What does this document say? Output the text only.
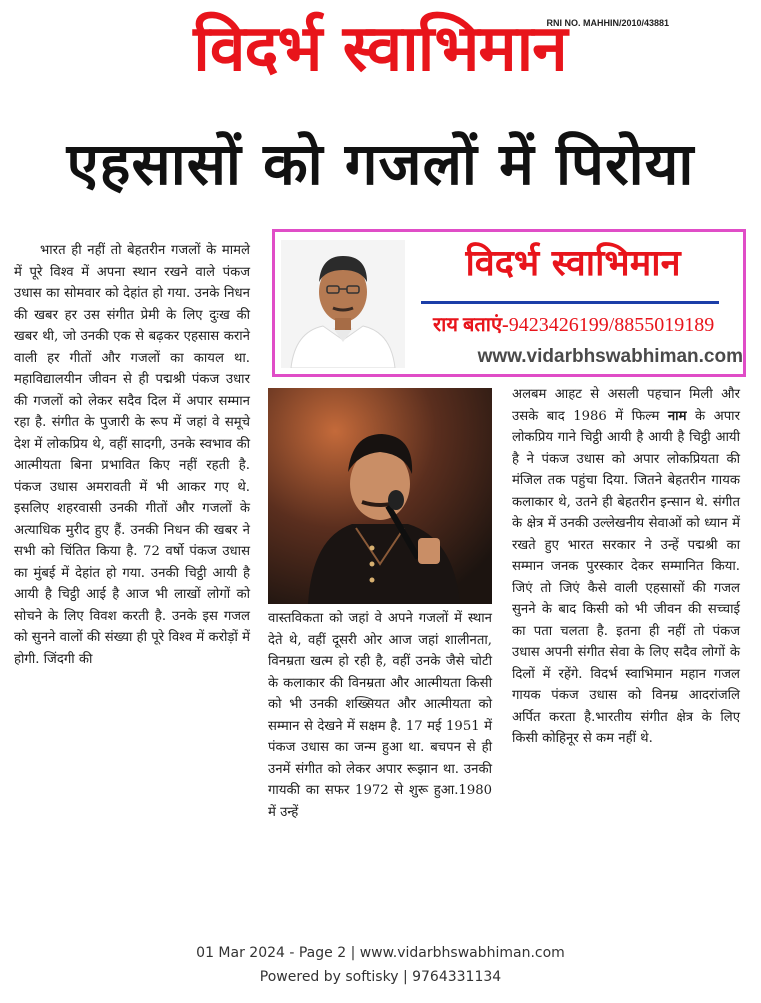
विदर्भ स्वाभिमान
RNI NO. MAHHIN/2010/43881
एहसासों को गजलों में पिरोया
भारत ही नहीं तो बेहतरीन गजलों के मामले में पूरे विश्व में अपना स्थान रखने वाले पंकज उधास का सोमवार को देहांत हो गया. उनके निधन की खबर हर उस संगीत प्रेमी के लिए दुःख की खबर थी, जो उनकी एक से बढ़कर एहसास कराने वाली हर गीतों और गजलों का कायल था. महाविद्यालयीन जीवन से ही पद्मश्री पंकज उधार की गजलों को लेकर सदैव दिल में अपार सम्मान रहा है. संगीत के पुजारी के रूप में जहां वे समूचे देश में लोकप्रिय थे, वहीं सादगी, उनके स्वभाव की आत्मीयता बिना प्रभावित किए नहीं रहती है. पंकज उधास अमरावती में भी आकर गए थे. इसलिए शहरवासी उनकी गीतों और गजलों के अत्याधिक मुरीद हुए हैं. उनकी निधन की खबर ने सभी को चिंतित किया है. 72 वर्षो पंकज उधास का मुंबई में देहांत हो गया. उनकी चिट्ठी आयी है आयी है चिट्ठी आई है आज भी लाखों लोगों को सोचने के लिए विवश करती है. उनके इस गजल को सुनने वालों की संख्या ही पूरे विश्व में करोड़ों में होगी. जिंदगी की
विदर्भ स्वाभिमान
राय बताएं-9423426199/8855019189
www.vidarbhswabhiman.com
वास्तविकता को जहां वे अपने गजलों में स्थान देते थे, वहीं दूसरी ओर आज जहां शालीनता, विनम्रता खत्म हो रही है, वहीं उनके जैसे चोटी के कलाकार की विनम्रता और आत्मीयता किसी को भी उनकी शख्सियत और आत्मीयता को सम्मान से देखने में सक्षम है. 17 मई 1951 में पंकज उधास का जन्म हुआ था. बचपन से ही उनमें संगीत को लेकर अपार रूझान था. उनकी गायकी का सफर 1972 से शुरू हुआ.1980 में उन्हें
अलबम आहट से असली पहचान मिली और उसके बाद 1986 में फिल्म नाम के अपार लोकप्रिय गाने चिट्ठी आयी है आयी है चिट्ठी आयी है ने पंकज उधास को अपार लोकप्रियता की मंजिल तक पहुंचा दिया. जितने बेहतरीन गायक कलाकार थे, उतने ही बेहतरीन इन्सान थे. संगीत के क्षेत्र में उनकी उल्लेखनीय सेवाओं को ध्यान में रखते हुए भारत सरकार ने उन्हें पद्मश्री का सम्मान जनक पुरस्कार देकर सम्मानित किया. जिएं तो जिएं कैसे वाली एहसासों की गजल सुनने के बाद किसी को भी जीवन की सच्चाई का पता चलता है. इतना ही नहीं तो पंकज उधास अपनी संगीत सेवा के लिए सदैव लोगों के दिलों में रहेंगे. विदर्भ स्वाभिमान महान गजल गायक पंकज उधास को विनम्र आदरांजलि अर्पित करता है.भारतीय संगीत क्षेत्र के लिए किसी कोहिनूर से कम नहीं थे.
01 Mar 2024 - Page 2 | www.vidarbhswabhiman.com
Powered by softisky | 9764331134
